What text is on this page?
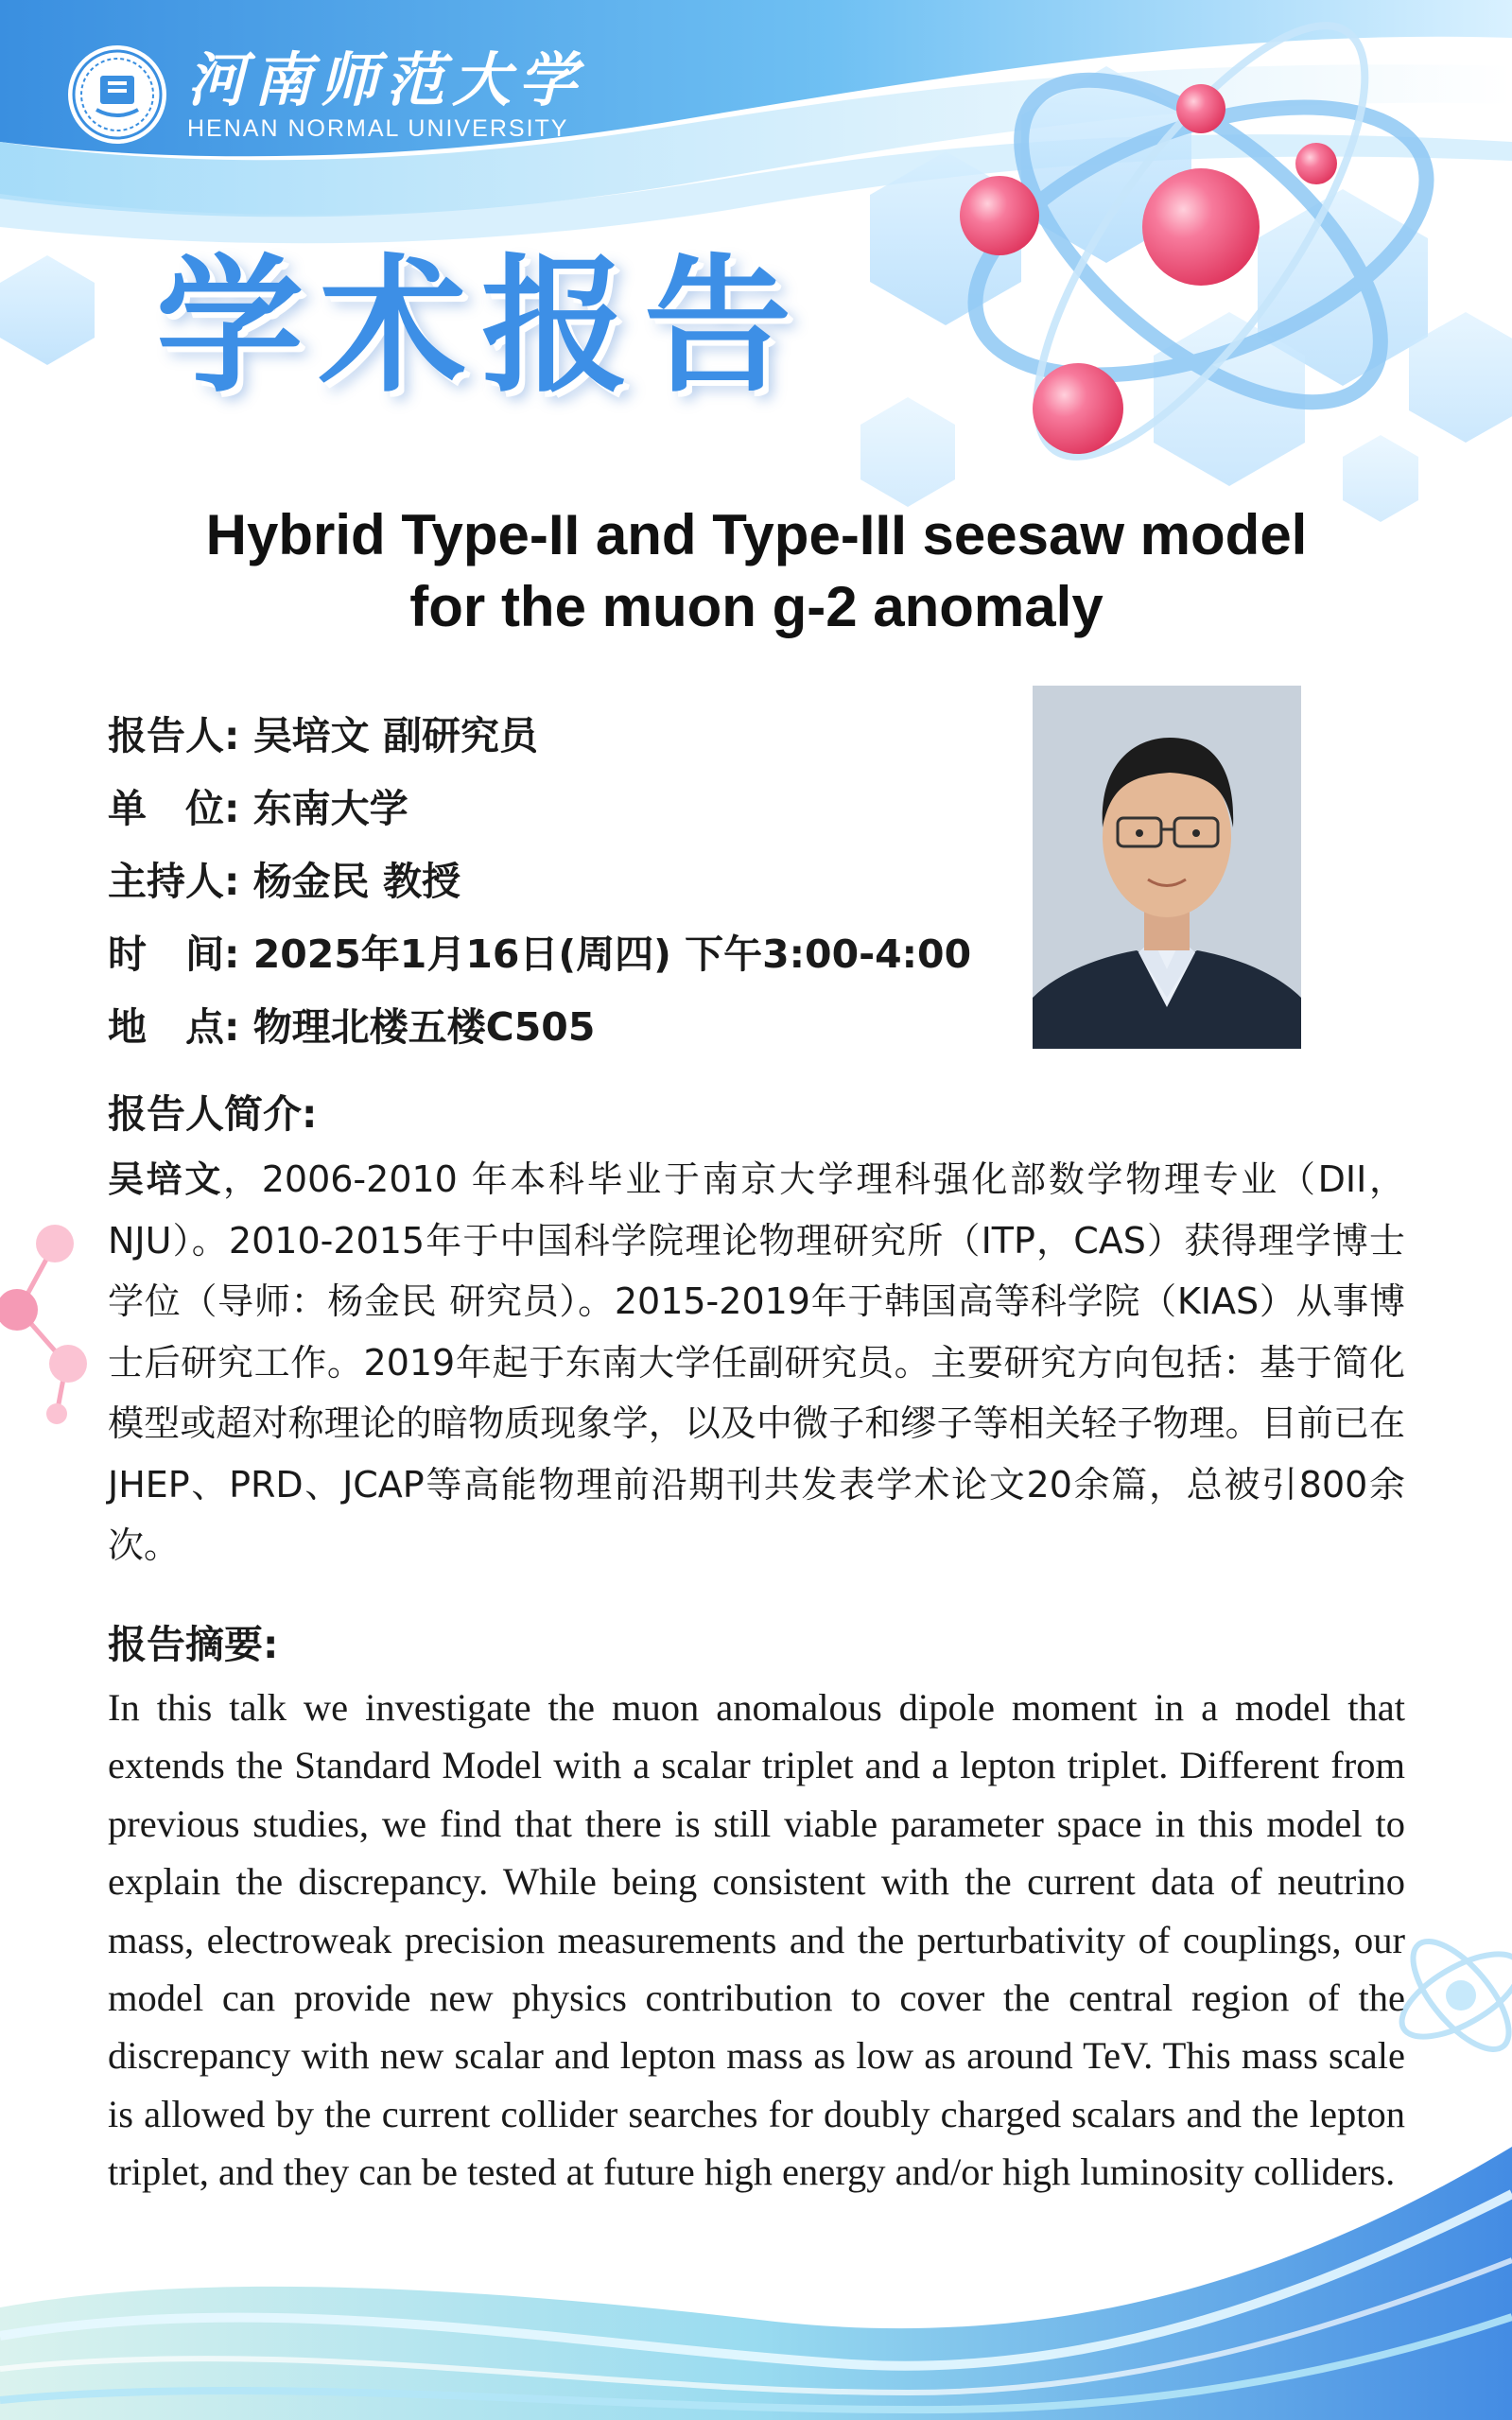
河南师范大学
HENAN NORMAL UNIVERSITY
学术报告
Hybrid Type-II and Type-III seesaw model
for the muon g-2 anomaly
报告人: 吴培文 副研究员
单　位: 东南大学
主持人: 杨金民 教授
时　间: 2025年1月16日(周四) 下午3:00-4:00
地　点: 物理北楼五楼C505
报告人简介:
吴培文，2006-2010 年本科毕业于南京大学理科强化部数学物理专业（DII，NJU）。2010-2015年于中国科学院理论物理研究所（ITP，CAS）获得理学博士学位（导师：杨金民 研究员）。2015-2019年于韩国高等科学院（KIAS）从事博士后研究工作。2019年起于东南大学任副研究员。主要研究方向包括：基于简化模型或超对称理论的暗物质现象学，以及中微子和缪子等相关轻子物理。目前已在JHEP、PRD、JCAP等高能物理前沿期刊共发表学术论文20余篇，总被引800余次。
报告摘要:
In this talk we investigate the muon anomalous dipole moment in a model that extends the Standard Model with a scalar triplet and a lepton triplet. Different from previous studies, we find that there is still viable parameter space in this model to explain the discrepancy. While being consistent with the current data of neutrino mass, electroweak precision measurements and the perturbativity of couplings, our model can provide new physics contribution to cover the central region of the discrepancy with new scalar and lepton mass as low as around TeV. This mass scale is allowed by the current collider searches for doubly charged scalars and the lepton triplet, and they can be tested at future high energy and/or high luminosity colliders.
